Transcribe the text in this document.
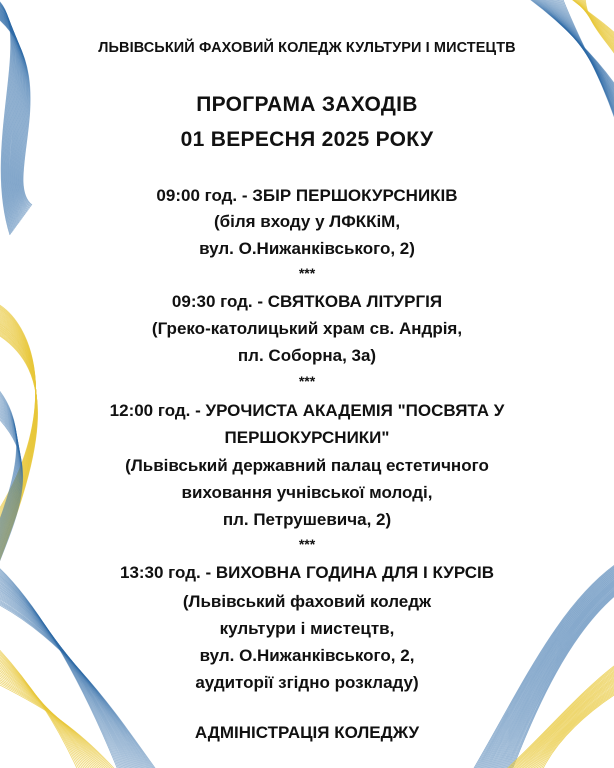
ЛЬВІВСЬКИЙ ФАХОВИЙ КОЛЕДЖ КУЛЬТУРИ І МИСТЕЦТВ
ПРОГРАМА ЗАХОДІВ
01 ВЕРЕСНЯ 2025 РОКУ
09:00 год. - ЗБІР ПЕРШОКУРСНИКІВ
(біля входу у ЛФККіМ,
вул. О.Нижанківського, 2)
***
09:30 год. - СВЯТКОВА ЛІТУРГІЯ
(Греко-католицький храм св. Андрія,
пл. Соборна, 3а)
***
12:00 год. - УРОЧИСТА АКАДЕМІЯ "ПОСВЯТА У
ПЕРШОКУРСНИКИ"
(Львівський державний палац естетичного
виховання учнівської молоді,
пл. Петрушевича, 2)
***
13:30 год. - ВИХОВНА ГОДИНА ДЛЯ І КУРСІВ
(Львівський фаховий коледж
культури і мистецтв,
вул. О.Нижанківського, 2,
аудиторії згідно розкладу)
АДМІНІСТРАЦІЯ КОЛЕДЖУ
